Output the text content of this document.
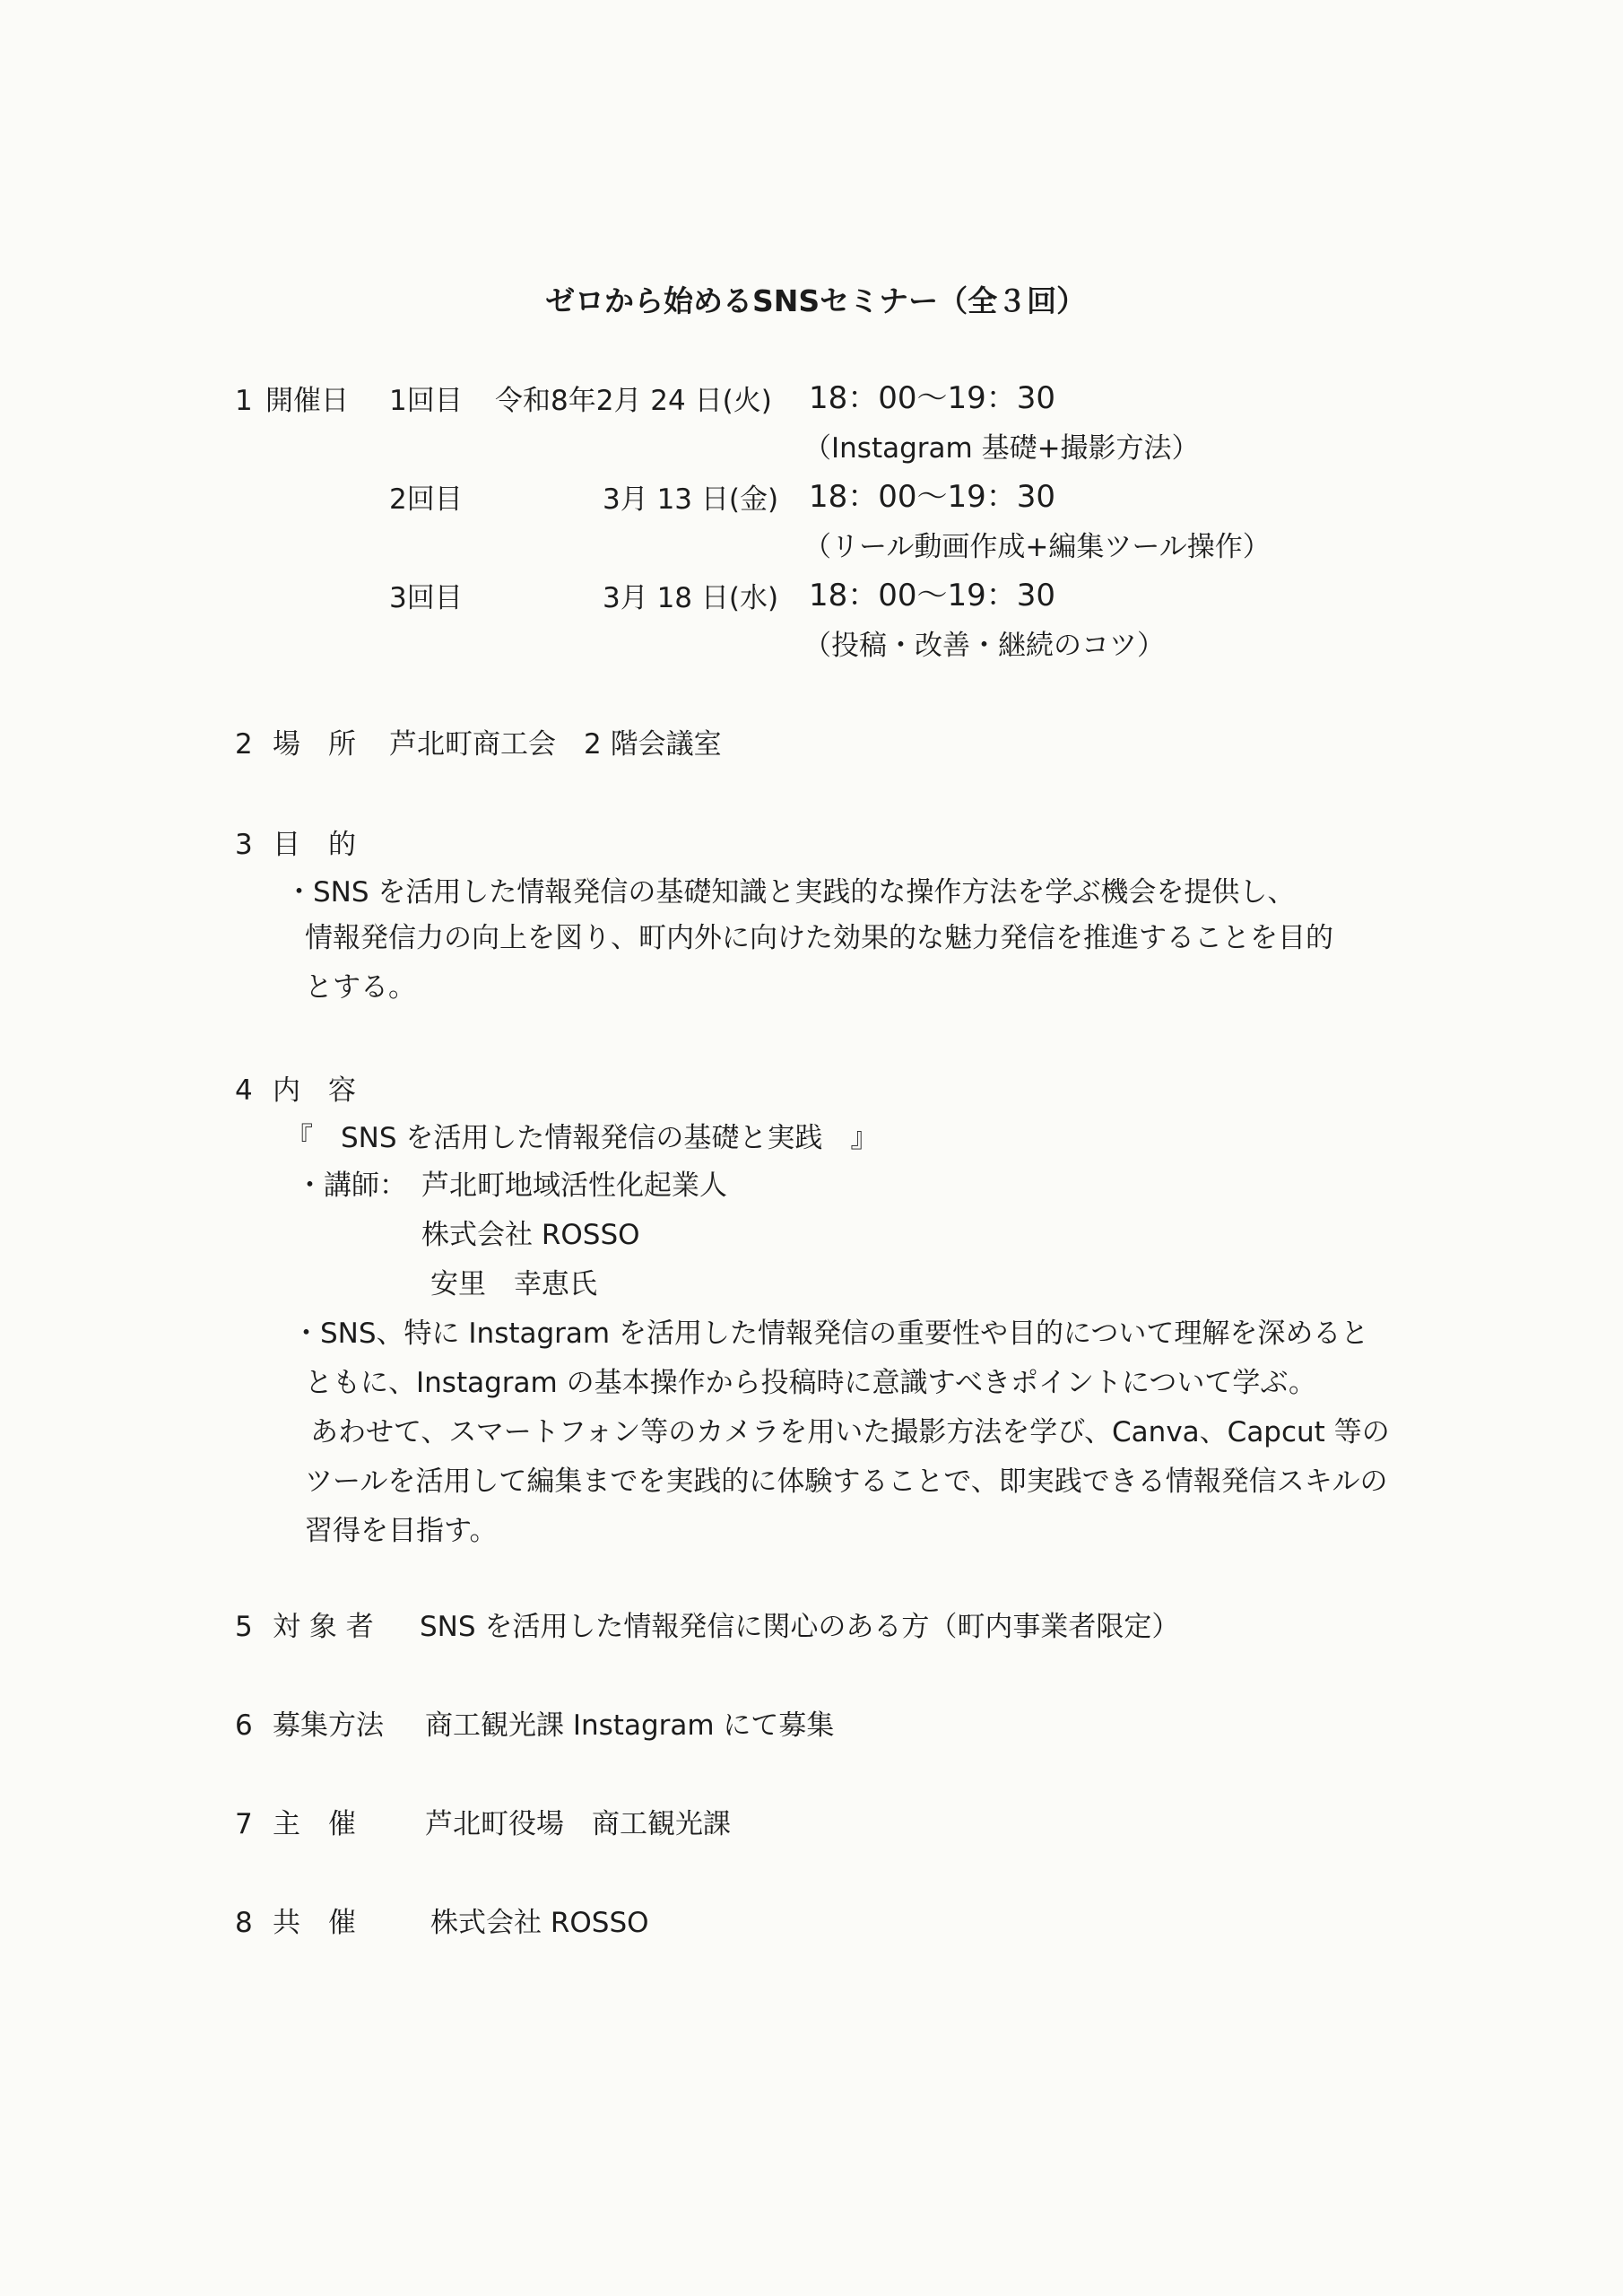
ゼロから始めるSNSセミナー（全３回）
1 開催日 1回目 令和8年2月 24 日(火) 18：00～19：30
（Instagram 基礎+撮影方法）
2回目	3月 13 日(金) 18：00～19：30
（リール動画作成+編集ツール操作）
3回目	3月 18 日(水) 18：00～19：30
（投稿・改善・継続のコツ）
2 場　所 芦北町商工会　2 階会議室
3 目　的
・SNS を活用した情報発信の基礎知識と実践的な操作方法を学ぶ機会を提供し、
情報発信力の向上を図り、町内外に向けた効果的な魅力発信を推進することを目的
とする。
4 内　容
『　SNS を活用した情報発信の基礎と実践　』
・講師： 芦北町地域活性化起業人
株式会社 ROSSO
安里　幸恵氏
・SNS、特に Instagram を活用した情報発信の重要性や目的について理解を深めると
ともに、Instagram の基本操作から投稿時に意識すべきポイントについて学ぶ。
あわせて、スマートフォン等のカメラを用いた撮影方法を学び、Canva、Capcut 等の
ツールを活用して編集までを実践的に体験することで、即実践できる情報発信スキルの
習得を目指す。
5 対 象 者 SNS を活用した情報発信に関心のある方（町内事業者限定）
6 募集方法 商工観光課 Instagram にて募集
7 主　催 芦北町役場　商工観光課
8 共　催	株式会社 ROSSO
